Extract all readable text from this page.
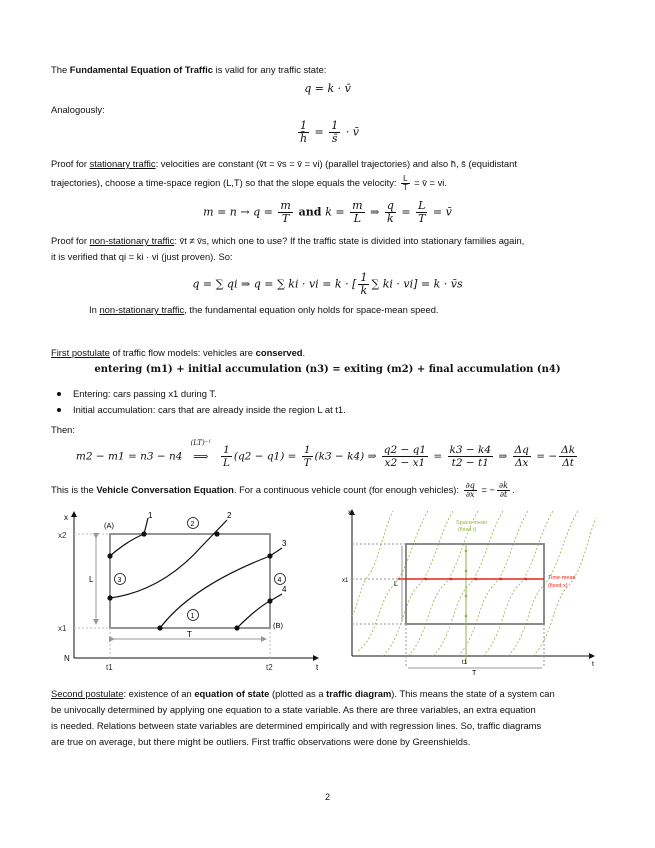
The Fundamental Equation of Traffic is valid for any traffic state:
q = k · v̄
Analogously:
$\frac{1}{h̄} = \frac{1}{s̄}$ · v̄
Proof for stationary traffic: velocities are constant (v̄t = v̄s = v̄ = vi) (parallel trajectories) and also h̄, s̄ (equidistant
trajectories), choose a time-space region (L,T) so that the slope equals the velocity: $\frac{L}{T}$ = v̄ = vi.
$m = n \to q = \frac{m}{T}$ and $k = \frac{m}{L}$ ⇒ $\frac{q}{k} = \frac{L}{T}$ = v̄
Proof for non-stationary traffic: v̄t ≠ v̄s, which one to use? If the traffic state is divided into stationary families again,
it is verified that qi = ki · vi (just proven). So:
q = ∑ qi ⇒ q = ∑ ki · vi = k · [ $\frac{1}{k}$ ∑ ki · vi] = k · v̄s
In non-stationary traffic, the fundamental equation only holds for space-mean speed.
First postulate of traffic flow models: vehicles are conserved.
entering (m1) + initial accumulation (n3) = exiting (m2) + final accumulation (n4)
Entering: cars passing x1 during T.
Initial accumulation: cars that are already inside the region L at t1.
Then:
m2 − m1 = n3 − n4
(LT)⁻¹
⟹ $\frac{1}{L} (q2 - q1) = \frac{1}{T} (k3 - k4)$ ⇒ $\frac{q2 - q1}{x2 - x1} = \frac{k3 - k4}{t2 - t1}$ ⇒ $\frac{\Delta q}{\Delta x}$ = − $\frac{\Delta k}{\Delta t}$
This is the Vehicle Conversation Equation. For a continuous vehicle count (for enough vehicles): $\frac{\partial q}{\partial x}$ = − $\frac{\partial k}{\partial t}$ .
x
t
N
x2
x1
t1	t2
L
T
(A)
(B)
1	2
3
4
3
2
4
1
x
t
x1	L
t1
T
Space-mean
(fixed t)
Time-mean
(fixed x)
Second postulate: existence of an equation of state (plotted as a traffic diagram). This means the state of a system can
be univocally determined by applying one equation to a state variable. As there are three variables, an extra equation
is needed. Relations between state variables are determined empirically and with regression lines. So, traffic diagrams
are true on average, but there might be outliers. First traffic observations were done by Greenshields.
2
